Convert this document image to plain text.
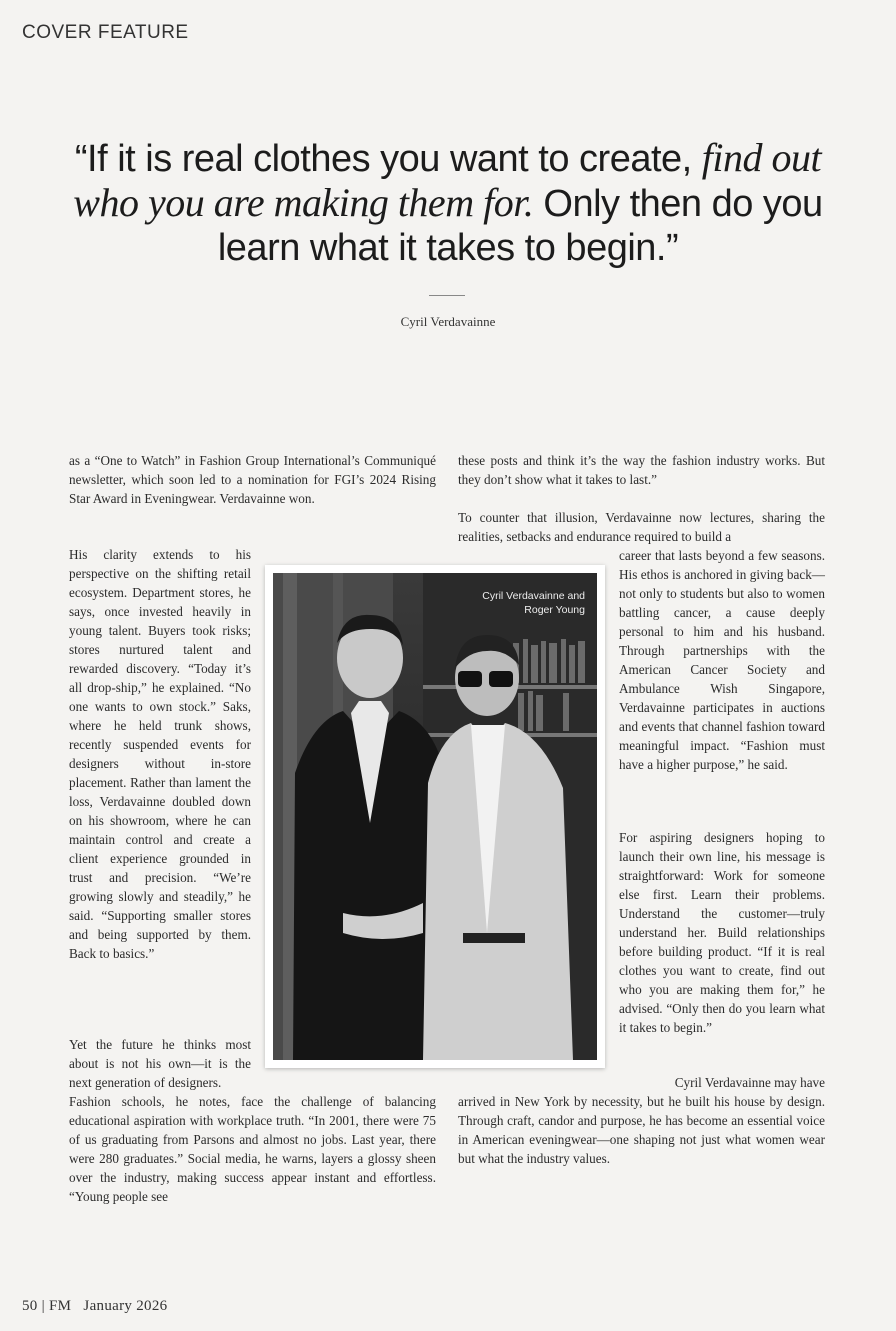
COVER FEATURE
“If it is real clothes you want to create, find out who you are making them for. Only then do you learn what it takes to begin.”
Cyril Verdavainne

as a “One to Watch” in Fashion Group International’s Communiqué newsletter, which soon led to a nomination for FGI’s 2024 Rising Star Award in Eveningwear. Verdavainne won.

His clarity extends to his perspective on the shifting retail ecosystem. Department stores, he says, once invested heavily in young talent. Buyers took risks; stores nurtured talent and rewarded discovery. “Today it’s all drop-ship,” he explained. “No one wants to own stock.” Saks, where he held trunk shows, recently suspended events for designers without in-store placement. Rather than lament the loss, Verdavainne doubled down on his showroom, where he can maintain control and create a client experience grounded in trust and precision. “We’re growing slowly and steadily,” he said. “Supporting smaller stores and being supported by them. Back to basics.”

Yet the future he thinks most about is not his own—it is the next generation of designers.

Fashion schools, he notes, face the challenge of balancing educational aspiration with workplace truth. “In 2001, there were 75 of us graduating from Parsons and almost no jobs. Last year, there were 280 graduates.” Social media, he warns, layers a glossy sheen over the industry, making success appear instant and effortless. “Young people see

these posts and think it’s the way the fashion industry works. But they don’t show what it takes to last.”

To counter that illusion, Verdavainne now lectures, sharing the realities, setbacks and endurance required to build a

career that lasts beyond a few seasons. His ethos is anchored in giving back—not only to students but also to women battling cancer, a cause deeply personal to him and his husband. Through partnerships with the American Cancer Society and Ambulance Wish Singapore, Verdavainne participates in auctions and events that channel fashion toward meaningful impact. “Fashion must have a higher purpose,” he said.

For aspiring designers hoping to launch their own line, his message is straightforward: Work for someone else first. Learn their problems. Understand the customer—truly understand her. Build relationships before building product. “If it is real clothes you want to create, find out who you are making them for,” he advised. “Only then do you learn what it takes to begin.”

Cyril Verdavainne may have

arrived in New York by necessity, but he built his house by design. Through craft, candor and purpose, he has become an essential voice in American eveningwear—one shaping not just what women wear but what the industry values.

Cyril Verdavainne and
Roger Young
50 | FM   January 2026
